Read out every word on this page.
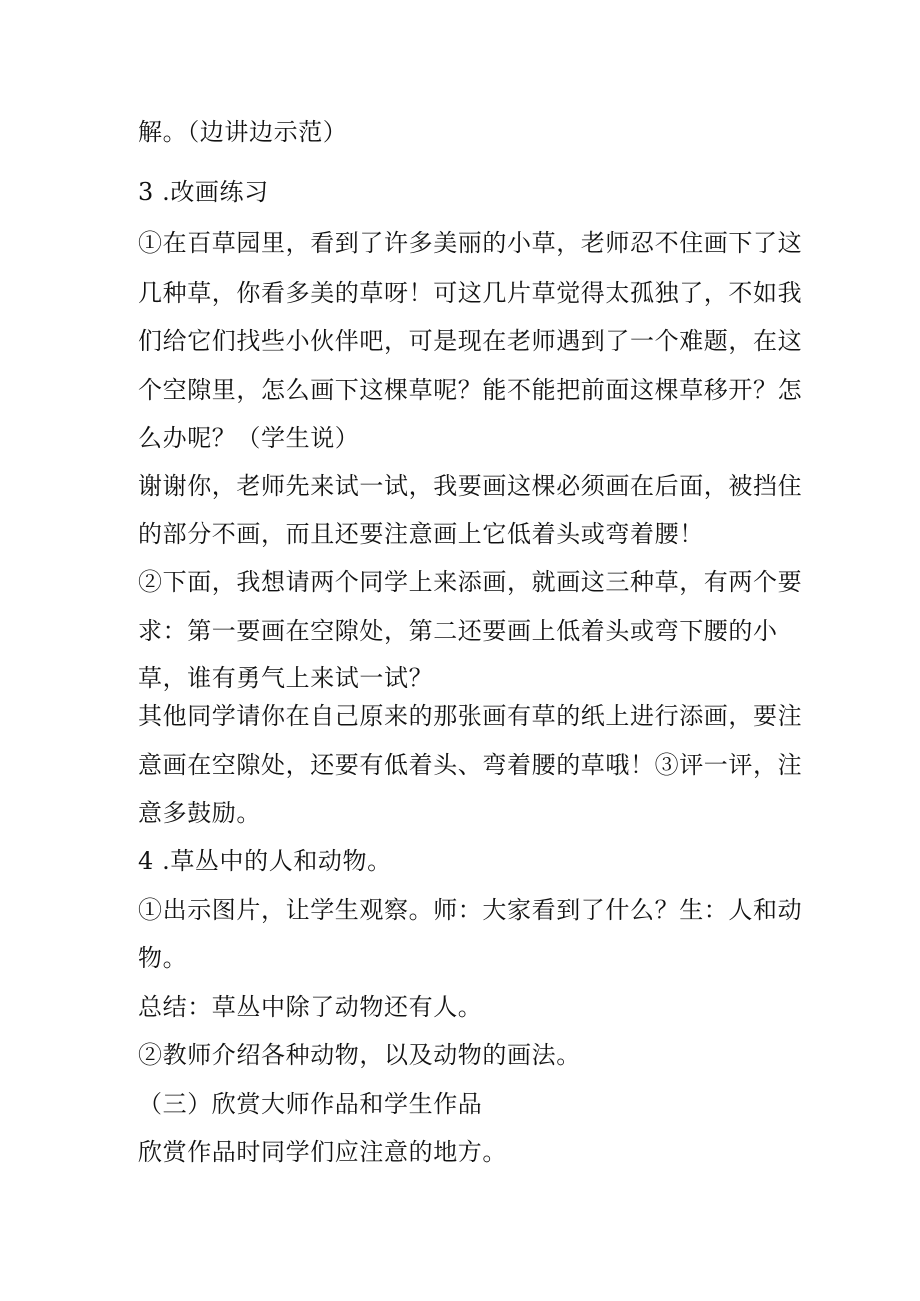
解。（边讲边示范）
3 .改画练习
①在百草园里，看到了许多美丽的小草，老师忍不住画下了这
几种草，你看多美的草呀！可这几片草觉得太孤独了，不如我
们给它们找些小伙伴吧，可是现在老师遇到了一个难题，在这
个空隙里，怎么画下这棵草呢？能不能把前面这棵草移开？怎
么办呢？（学生说）
谢谢你，老师先来试一试，我要画这棵必须画在后面，被挡住
的部分不画，而且还要注意画上它低着头或弯着腰！
②下面，我想请两个同学上来添画，就画这三种草，有两个要
求：第一要画在空隙处，第二还要画上低着头或弯下腰的小
草，谁有勇气上来试一试？
其他同学请你在自己原来的那张画有草的纸上进行添画，要注
意画在空隙处，还要有低着头、弯着腰的草哦！③评一评，注
意多鼓励。
4 .草丛中的人和动物。
①出示图片，让学生观察。师：大家看到了什么？生：人和动
物。
总结：草丛中除了动物还有人。
②教师介绍各种动物，以及动物的画法。
（三）欣赏大师作品和学生作品
欣赏作品时同学们应注意的地方。
